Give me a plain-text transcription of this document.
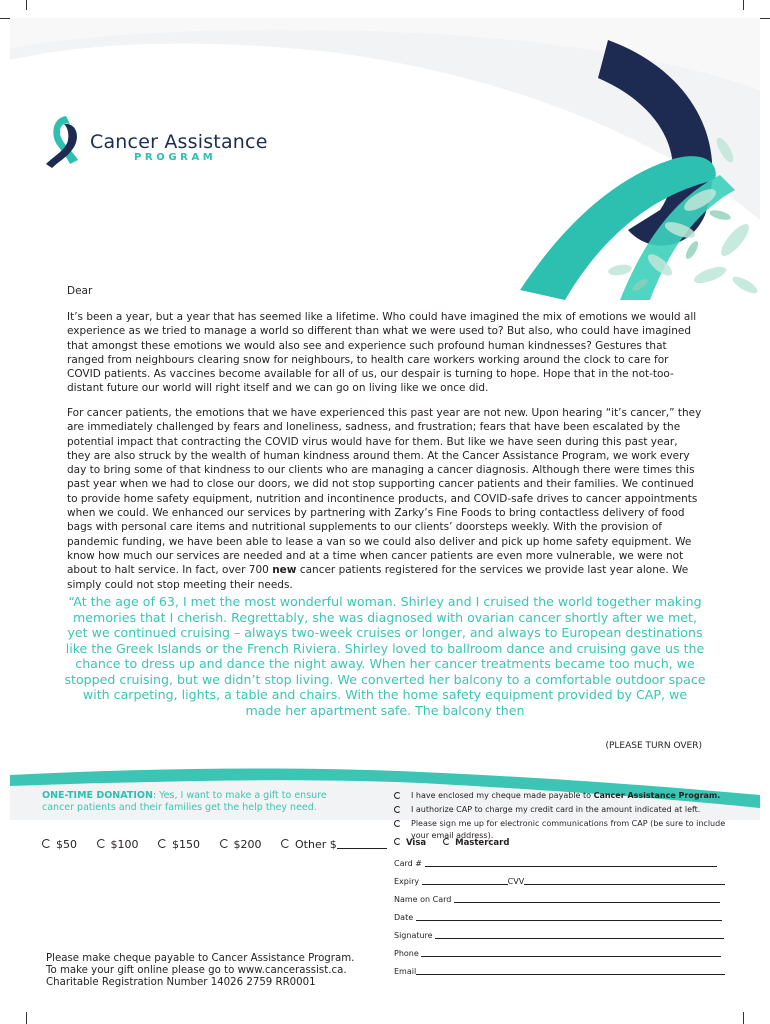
Cancer Assistance
PROGRAM
Dear

It’s been a year, but a year that has seemed like a lifetime. Who could have imagined the mix of emotions we would all experience as we tried to manage a world so different than what we were used to? But also, who could have imagined that amongst these emotions we would also see and experience such profound human kindnesses? Gestures that ranged from neighbours clearing snow for neighbours, to health care workers working around the clock to care for COVID patients. As vaccines become available for all of us, our despair is turning to hope. Hope that in the not-too-distant future our world will right itself and we can go on living like we once did.

For cancer patients, the emotions that we have experienced this past year are not new. Upon hearing “it’s cancer,” they are immediately challenged by fears and loneliness, sadness, and frustration; fears that have been escalated by the potential impact that contracting the COVID virus would have for them. But like we have seen during this past year, they are also struck by the wealth of human kindness around them. At the Cancer Assistance Program, we work every day to bring some of that kindness to our clients who are managing a cancer diagnosis. Although there were times this past year when we had to close our doors, we did not stop supporting cancer patients and their families. We continued to provide home safety equipment, nutrition and incontinence products, and COVID-safe drives to cancer appointments when we could. We enhanced our services by partnering with Zarky’s Fine Foods to bring contactless delivery of food bags with personal care items and nutritional supplements to our clients’ doorsteps weekly. With the provision of pandemic funding, we have been able to lease a van so we could also deliver and pick up home safety equipment. We know how much our services are needed and at a time when cancer patients are even more vulnerable, we were not about to halt service. In fact, over 700 new cancer patients registered for the services we provide last year alone. We simply could not stop meeting their needs.

“At the age of 63, I met the most wonderful woman. Shirley and I cruised the world together making memories that I cherish. Regrettably, she was diagnosed with ovarian cancer shortly after we met, yet we continued cruising – always two-week cruises or longer, and always to European destinations like the Greek Islands or the French Riviera. Shirley loved to ballroom dance and cruising gave us the chance to dress up and dance the night away. When her cancer treatments became too much, we stopped cruising, but we didn’t stop living. We converted her balcony to a comfortable outdoor space with carpeting, lights, a table and chairs. With the home safety equipment provided by CAP, we made her apartment safe. The balcony then
(PLEASE TURN OVER)
ONE-TIME DONATION: Yes, I want to make a gift to ensure cancer patients and their families get the help they need.
$50	$100	$150	$200	Other $
Please make cheque payable to Cancer Assistance Program.
To make your gift online please go to www.cancerassist.ca.
Charitable Registration Number 14026 2759 RR0001
I have enclosed my cheque made payable to Cancer Assistance Program.
I authorize CAP to charge my credit card in the amount indicated at left.
Please sign me up for electronic communications from CAP (be sure to include your email address).
Visa	Mastercard
Card #
Expiry	CVV
Name on Card
Date
Signature
Phone
Email
